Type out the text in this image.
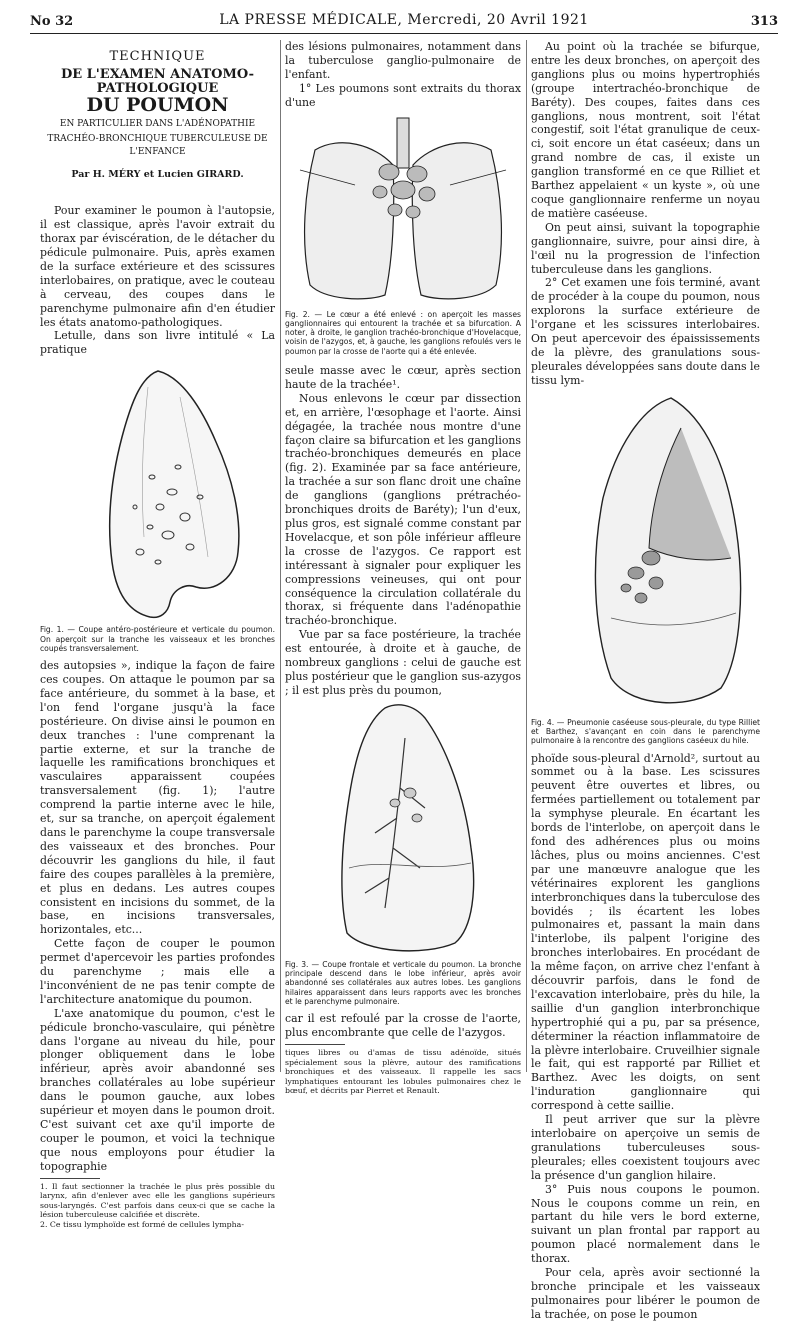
No 32	LA PRESSE MÉDICALE, Mercredi, 20 Avril 1921	313
TECHNIQUE
DE L'EXAMEN ANATOMO-PATHOLOGIQUE
DU POUMON
EN PARTICULIER DANS L'ADÉNOPATHIE
TRACHÉO-BRONCHIQUE TUBERCULEUSE DE L'ENFANCE
Par H. MÉRY et Lucien GIRARD.

Pour examiner le poumon à l'autopsie, il est classique, après l'avoir extrait du thorax par éviscération, de le détacher du pédicule pulmonaire. Puis, après examen de la surface extérieure et des scissures interlobaires, on pratique, avec le couteau à cerveau, des coupes dans le parenchyme pulmonaire afin d'en étudier les états anatomo-pathologiques.

Letulle, dans son livre intitulé « La pratique

Fig. 1. — Coupe antéro-postérieure et verticale du poumon. On aperçoit sur la tranche les vaisseaux et les bronches coupés transversalement.

des autopsies », indique la façon de faire ces coupes. On attaque le poumon par sa face antérieure, du sommet à la base, et l'on fend l'organe jusqu'à la face postérieure. On divise ainsi le poumon en deux tranches : l'une comprenant la partie externe, et sur la tranche de laquelle les ramifications bronchiques et vasculaires apparaissent coupées transversalement (fig. 1); l'autre comprend la partie interne avec le hile, et, sur sa tranche, on aperçoit également dans le parenchyme la coupe transversale des vaisseaux et des bronches. Pour découvrir les ganglions du hile, il faut faire des coupes parallèles à la première, et plus en dedans. Les autres coupes consistent en incisions du sommet, de la base, en incisions transversales, horizontales, etc...

Cette façon de couper le poumon permet d'apercevoir les parties profondes du parenchyme ; mais elle a l'inconvénient de ne pas tenir compte de l'architecture anatomique du poumon.

L'axe anatomique du poumon, c'est le pédicule broncho-vasculaire, qui pénètre dans l'organe au niveau du hile, pour plonger obliquement dans le lobe inférieur, après avoir abandonné ses branches collatérales au lobe supérieur dans le poumon gauche, aux lobes supérieur et moyen dans le poumon droit. C'est suivant cet axe qu'il importe de couper le poumon, et voici la technique que nous employons pour étudier la topographie

1. Il faut sectionner la trachée le plus près possible du larynx, afin d'enlever avec elle les ganglions supérieurs sous-laryngés. C'est parfois dans ceux-ci que se cache la lésion tuberculeuse calcifiée et discrète.
2. Ce tissu lymphoïde est formé de cellules lympha-

des lésions pulmonaires, notamment dans la tuberculose ganglio-pulmonaire de l'enfant.

1° Les poumons sont extraits du thorax d'une

Fig. 2. — Le cœur a été enlevé : on aperçoit les masses ganglionnaires qui entourent la trachée et sa bifurcation. A noter, à droite, le ganglion trachéo-bronchique d'Hovelacque, voisin de l'azygos, et, à gauche, les ganglions refoulés vers le poumon par la crosse de l'aorte qui a été enlevée.

seule masse avec le cœur, après section haute de la trachée¹.

Nous enlevons le cœur par dissection et, en arrière, l'œsophage et l'aorte. Ainsi dégagée, la trachée nous montre d'une façon claire sa bifurcation et les ganglions trachéo-bronchiques demeurés en place (fig. 2). Examinée par sa face antérieure, la trachée a sur son flanc droit une chaîne de ganglions (ganglions prétrachéo-bronchiques droits de Baréty); l'un d'eux, plus gros, est signalé comme constant par Hovelacque, et son pôle inférieur affleure la crosse de l'azygos. Ce rapport est intéressant à signaler pour expliquer les compressions veineuses, qui ont pour conséquence la circulation collatérale du thorax, si fréquente dans l'adénopathie trachéo-bronchique.

Vue par sa face postérieure, la trachée est entourée, à droite et à gauche, de nombreux ganglions : celui de gauche est plus postérieur que le ganglion sus-azygos ; il est plus près du poumon,

Fig. 3. — Coupe frontale et verticale du poumon. La bronche principale descend dans le lobe inférieur, après avoir abandonné ses collatérales aux autres lobes. Les ganglions hilaires apparaissent dans leurs rapports avec les bronches et le parenchyme pulmonaire.

car il est refoulé par la crosse de l'aorte, plus encombrante que celle de l'azygos.

tiques libres ou d'amas de tissu adénoïde, situés spécialement sous la plèvre, autour des ramifications bronchiques et des vaisseaux. Il rappelle les sacs lymphatiques entourant les lobules pulmonaires chez le bœuf, et décrits par Pierret et Renault.

Au point où la trachée se bifurque, entre les deux bronches, on aperçoit des ganglions plus ou moins hypertrophiés (groupe intertrachéo-bronchique de Baréty). Des coupes, faites dans ces ganglions, nous montrent, soit l'état congestif, soit l'état granulique de ceux-ci, soit encore un état caséeux; dans un grand nombre de cas, il existe un ganglion transformé en ce que Rilliet et Barthez appelaient « un kyste », où une coque ganglionnaire renferme un noyau de matière caséeuse.

On peut ainsi, suivant la topographie ganglionnaire, suivre, pour ainsi dire, à l'œil nu la progression de l'infection tuberculeuse dans les ganglions.

2° Cet examen une fois terminé, avant de procéder à la coupe du poumon, nous explorons la surface extérieure de l'organe et les scissures interlobaires. On peut apercevoir des épaississements de la plèvre, des granulations sous-pleurales développées sans doute dans le tissu lym-

Fig. 4. — Pneumonie caséeuse sous-pleurale, du type Rilliet et Barthez, s'avançant en coin dans le parenchyme pulmonaire à la rencontre des ganglions caséeux du hile.

phoïde sous-pleural d'Arnold², surtout au sommet ou à la base. Les scissures peuvent être ouvertes et libres, ou fermées partiellement ou totalement par la symphyse pleurale. En écartant les bords de l'interlobe, on aperçoit dans le fond des adhérences plus ou moins lâches, plus ou moins anciennes. C'est par une manœuvre analogue que les vétérinaires explorent les ganglions interbronchiques dans la tuberculose des bovidés ; ils écartent les lobes pulmonaires et, passant la main dans l'interlobe, ils palpent l'origine des bronches interlobaires. En procédant de la même façon, on arrive chez l'enfant à découvrir parfois, dans le fond de l'excavation interlobaire, près du hile, la saillie d'un ganglion interbronchique hypertrophié qui a pu, par sa présence, déterminer la réaction inflammatoire de la plèvre interlobaire. Cruveilhier signale le fait, qui est rapporté par Rilliet et Barthez. Avec les doigts, on sent l'induration ganglionnaire qui correspond à cette saillie.

Il peut arriver que sur la plèvre interlobaire on aperçoive un semis de granulations tuberculeuses sous-pleurales; elles coexistent toujours avec la présence d'un ganglion hilaire.

3° Puis nous coupons le poumon. Nous le coupons comme un rein, en partant du hile vers le bord externe, suivant un plan frontal par rapport au poumon placé normalement dans le thorax.

Pour cela, après avoir sectionné la bronche principale et les vaisseaux pulmonaires pour libérer le poumon de la trachée, on pose le poumon
